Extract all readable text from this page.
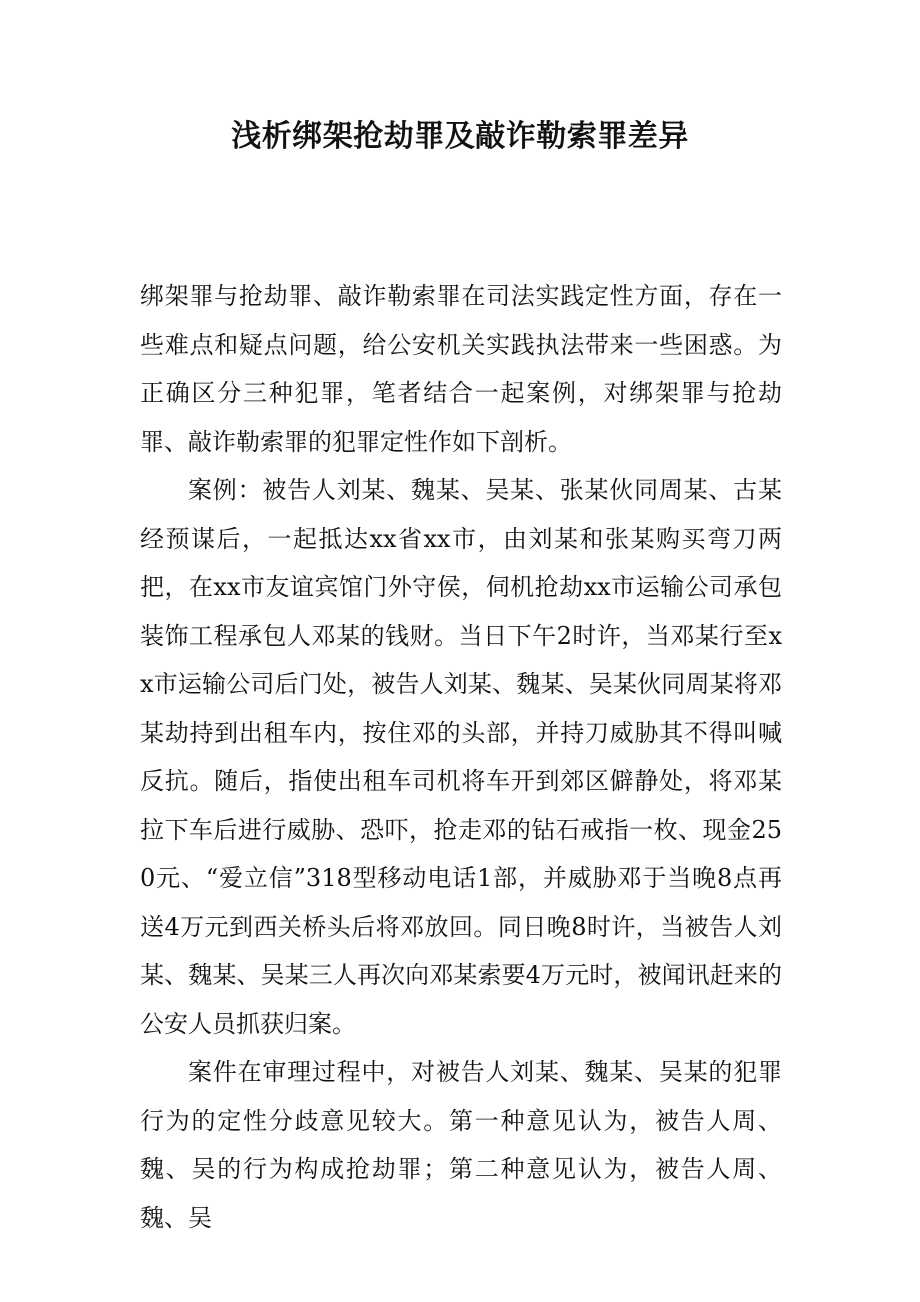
浅析绑架抢劫罪及敲诈勒索罪差异

绑架罪与抢劫罪、敲诈勒索罪在司法实践定性方面，存在一些难点和疑点问题，给公安机关实践执法带来一些困惑。为正确区分三种犯罪，笔者结合一起案例，对绑架罪与抢劫罪、敲诈勒索罪的犯罪定性作如下剖析。

案例：被告人刘某、魏某、吴某、张某伙同周某、古某经预谋后，一起抵达xx省xx市，由刘某和张某购买弯刀两把，在xx市友谊宾馆门外守侯，伺机抢劫xx市运输公司承包装饰工程承包人邓某的钱财。当日下午2时许，当邓某行至xx市运输公司后门处，被告人刘某、魏某、吴某伙同周某将邓某劫持到出租车内，按住邓的头部，并持刀威胁其不得叫喊反抗。随后，指使出租车司机将车开到郊区僻静处，将邓某拉下车后进行威胁、恐吓，抢走邓的钻石戒指一枚、现金250元、“爱立信”318型移动电话1部，并威胁邓于当晚8点再送4万元到西关桥头后将邓放回。同日晚8时许，当被告人刘某、魏某、吴某三人再次向邓某索要4万元时，被闻讯赶来的公安人员抓获归案。

案件在审理过程中，对被告人刘某、魏某、吴某的犯罪行为的定性分歧意见较大。第一种意见认为，被告人周、魏、吴的行为构成抢劫罪；第二种意见认为，被告人周、魏、吴
